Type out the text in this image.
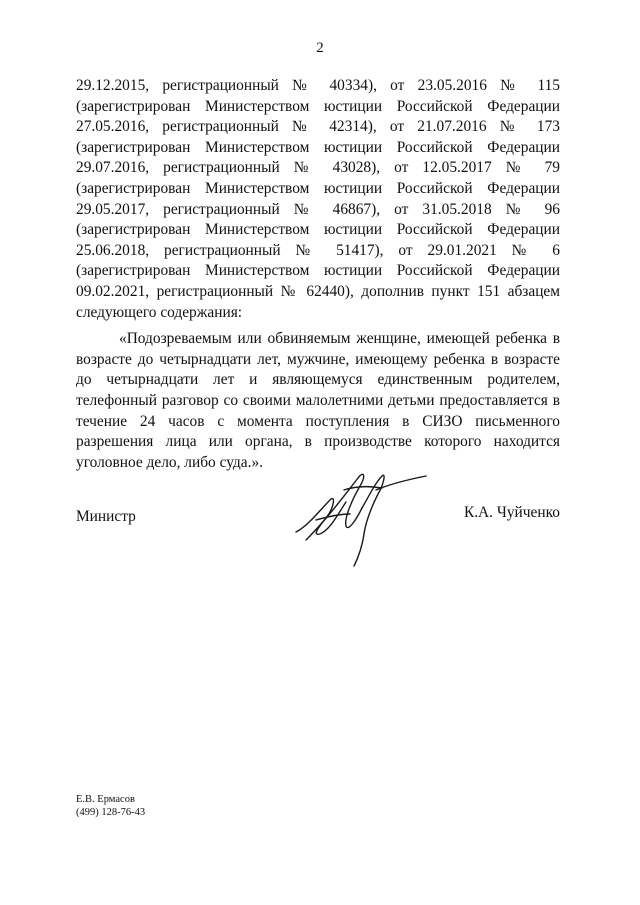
2

29.12.2015, регистрационный № 40334), от 23.05.2016 № 115 (зарегистрирован Министерством юстиции Российской Федерации 27.05.2016, регистрационный № 42314), от 21.07.2016 № 173 (зарегистрирован Министерством юстиции Российской Федерации 29.07.2016, регистрационный № 43028), от 12.05.2017 № 79 (зарегистрирован Министерством юстиции Российской Федерации 29.05.2017, регистрационный № 46867), от 31.05.2018 № 96 (зарегистрирован Министерством юстиции Российской Федерации 25.06.2018, регистрационный № 51417), от 29.01.2021 № 6 (зарегистрирован Министерством юстиции Российской Федерации 09.02.2021, регистрационный № 62440), дополнив пункт 151 абзацем следующего содержания:

«Подозреваемым или обвиняемым женщине, имеющей ребенка в возрасте до четырнадцати лет, мужчине, имеющему ребенка в возрасте до четырнадцати лет и являющемуся единственным родителем, телефонный разговор со своими малолетними детьми предоставляется в течение 24 часов с момента поступления в СИЗО письменного разрешения лица или органа, в производстве которого находится уголовное дело, либо суда.».

Министр	К.А. Чуйченко
Е.В. Ермасов
(499) 128-76-43
